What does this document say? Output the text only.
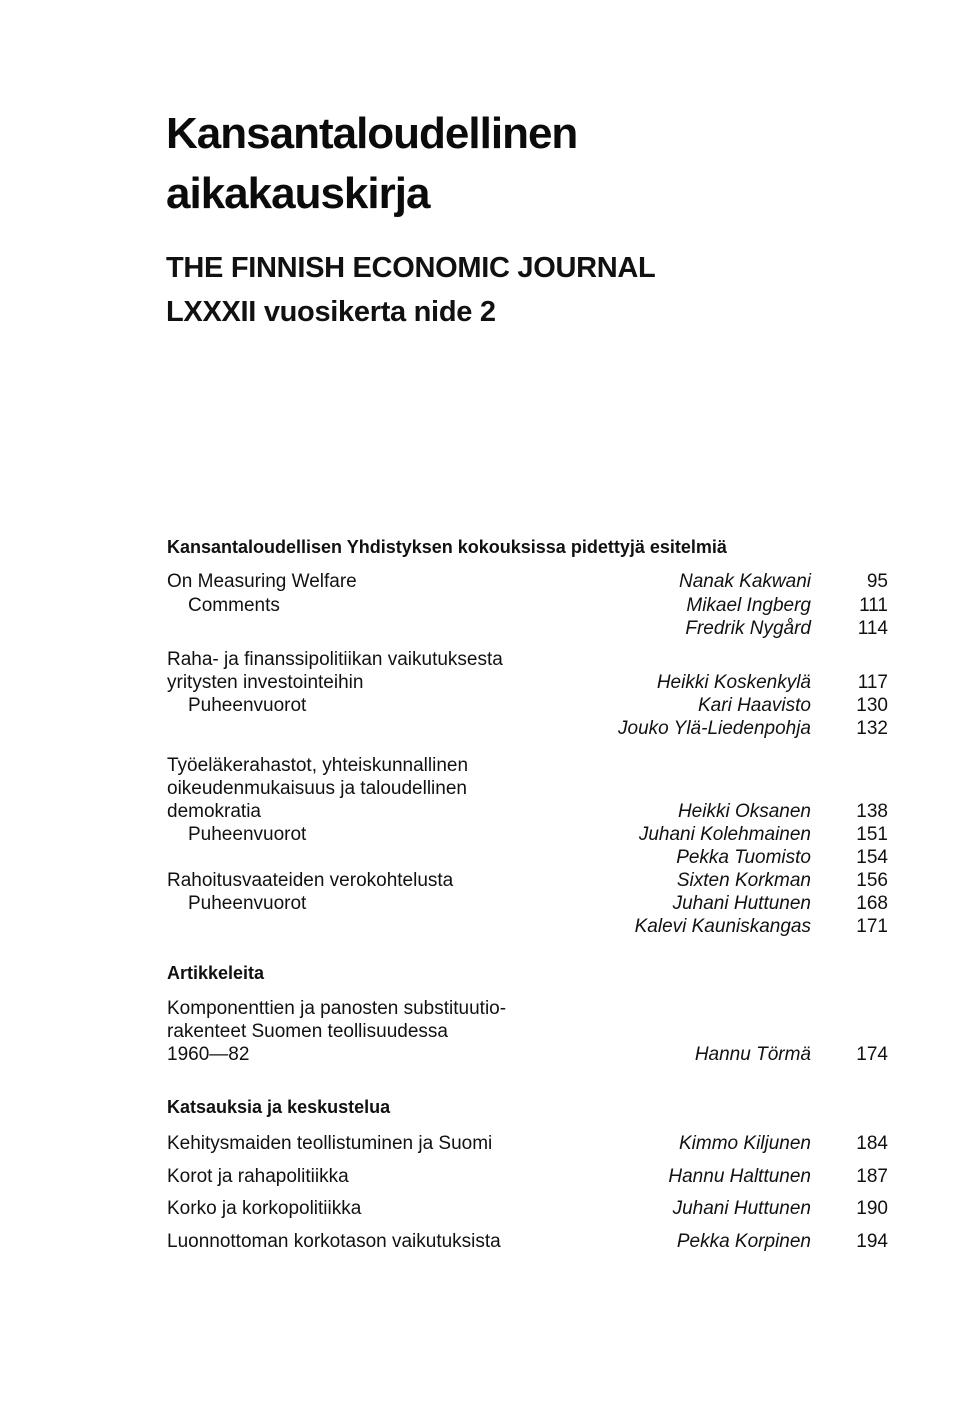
Kansantaloudellinen
aikakauskirja
THE FINNISH ECONOMIC JOURNAL
LXXXII vuosikerta nide 2
Kansantaloudellisen Yhdistyksen kokouksissa pidettyjä esitelmiä
Artikkeleita
Katsauksia ja keskustelua
On Measuring Welfare	Nanak Kakwani	95
Comments	Mikael Ingberg	111
Fredrik Nygård 114
Raha- ja finanssipolitiikan vaikutuksesta
yritysten investointeihin	Heikki Koskenkylä 117
Puheenvuorot	Kari Haavisto 130
Jouko Ylä-Liedenpohja 132
Työeläkerahastot, yhteiskunnallinen
oikeudenmukaisuus ja taloudellinen
demokratia	Heikki Oksanen 138
Puheenvuorot	Juhani Kolehmainen 151
Pekka Tuomisto 154
Rahoitusvaateiden verokohtelusta	Sixten Korkman 156
Puheenvuorot	Juhani Huttunen 168
Kalevi Kauniskangas 171
Komponenttien ja panosten substituutio-
rakenteet Suomen teollisuudessa
1960—82	Hannu Törmä 174
Kehitysmaiden teollistuminen ja Suomi	Kimmo Kiljunen 184
Korot ja rahapolitiikka	Hannu Halttunen 187
Korko ja korkopolitiikka	Juhani Huttunen 190
Luonnottoman korkotason vaikutuksista	Pekka Korpinen 194
